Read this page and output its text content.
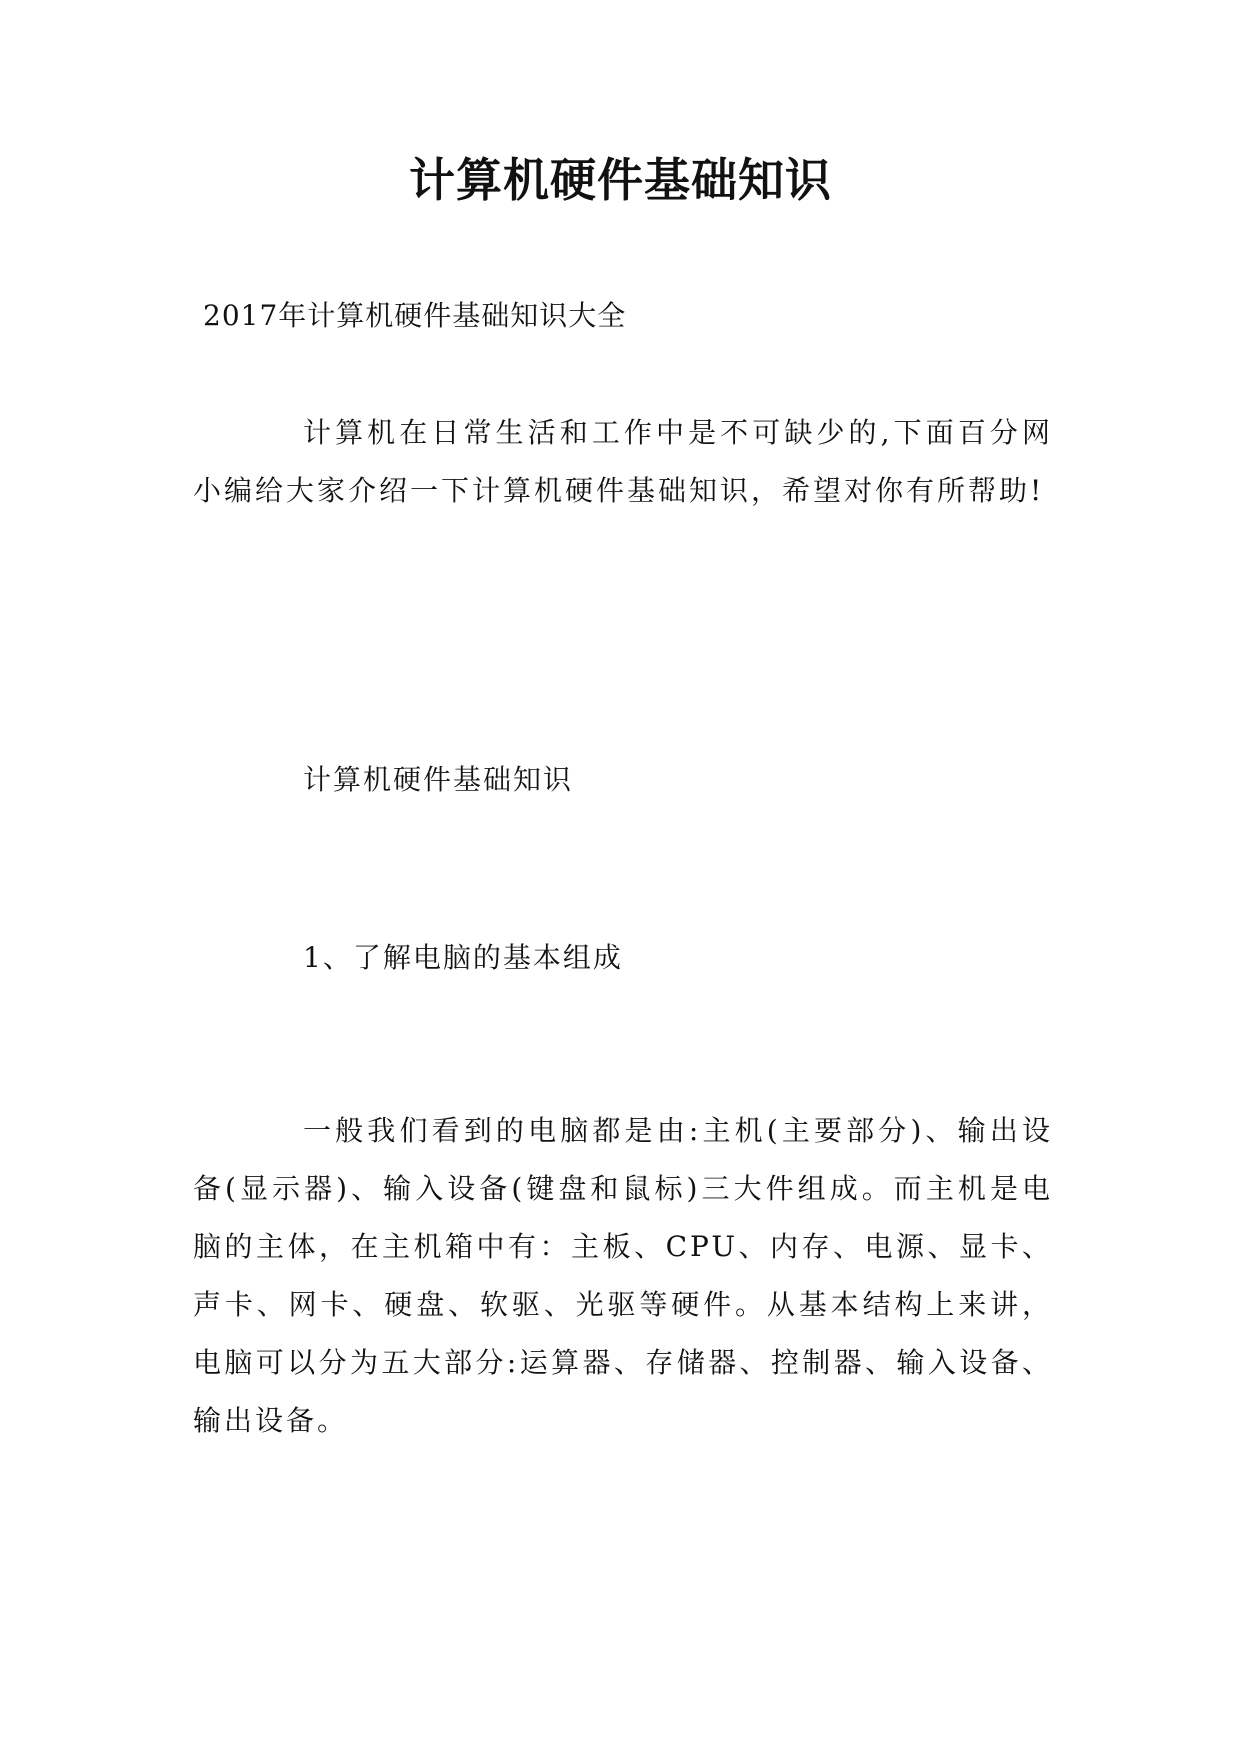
计算机硬件基础知识
2017年计算机硬件基础知识大全
计算机在日常生活和工作中是不可缺少的,下面百分网小编给大家介绍一下计算机硬件基础知识，希望对你有所帮助!
计算机硬件基础知识
1、了解电脑的基本组成
一般我们看到的电脑都是由:主机(主要部分)、输出设备(显示器)、输入设备(键盘和鼠标)三大件组成。而主机是电脑的主体，在主机箱中有：主板、CPU、内存、电源、显卡、声卡、网卡、硬盘、软驱、光驱等硬件。从基本结构上来讲，电脑可以分为五大部分:运算器、存储器、控制器、输入设备、输出设备。
